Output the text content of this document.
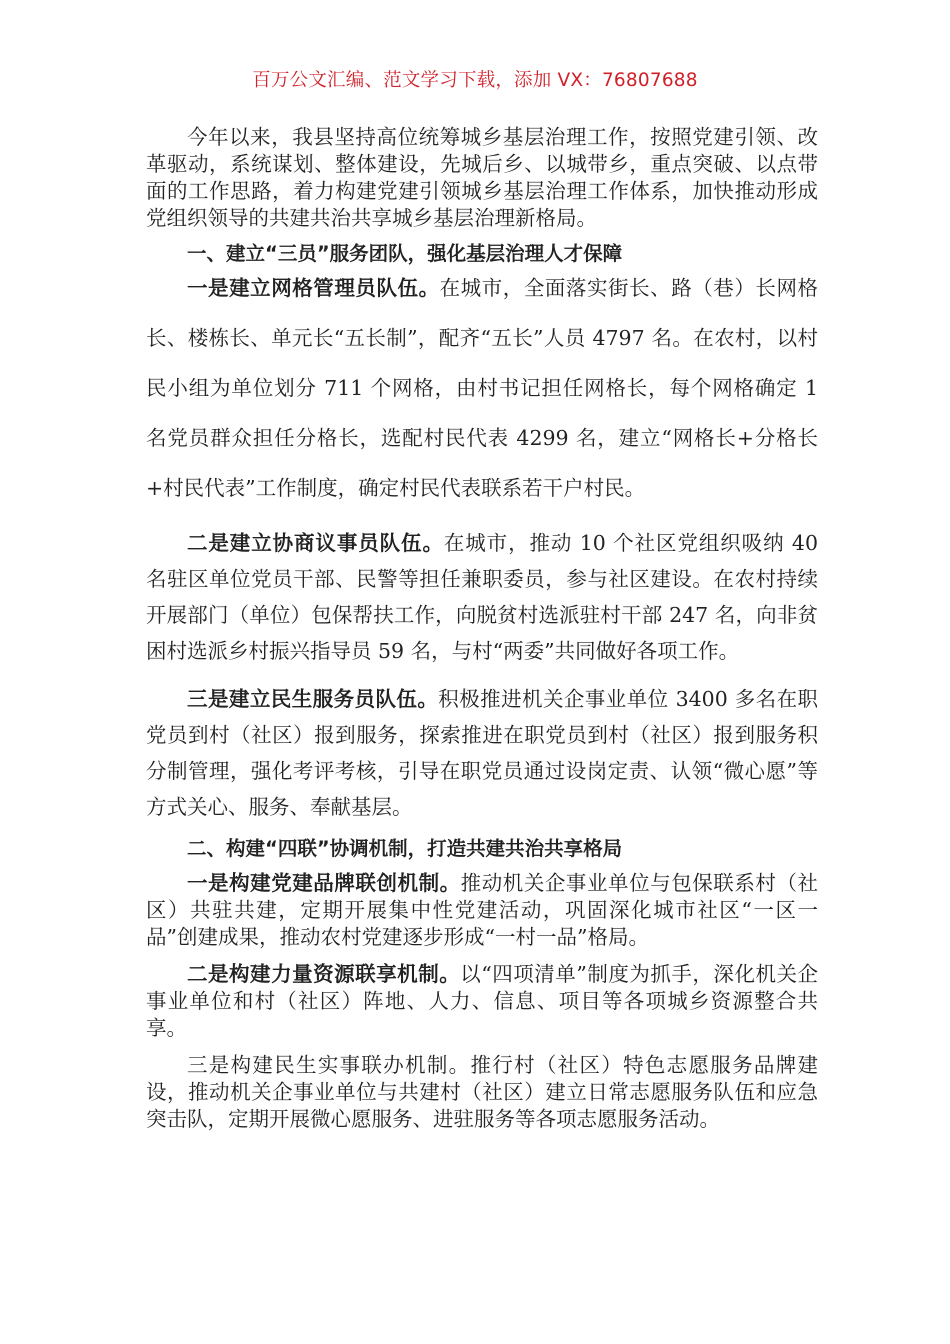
百万公文汇编、范文学习下载，添加 VX：76807688

今年以来，我县坚持高位统筹城乡基层治理工作，按照党建引领、改革驱动，系统谋划、整体建设，先城后乡、以城带乡，重点突破、以点带面的工作思路，着力构建党建引领城乡基层治理工作体系，加快推动形成党组织领导的共建共治共享城乡基层治理新格局。

一、建立“三员”服务团队，强化基层治理人才保障

一是建立网格管理员队伍。在城市，全面落实街长、路（巷）长网格长、楼栋长、单元长“五长制”，配齐“五长”人员 4797 名。在农村，以村民小组为单位划分 711 个网格，由村书记担任网格长，每个网格确定 1 名党员群众担任分格长，选配村民代表 4299 名，建立“网格长+分格长+村民代表”工作制度，确定村民代表联系若干户村民。

二是建立协商议事员队伍。在城市，推动 10 个社区党组织吸纳 40 名驻区单位党员干部、民警等担任兼职委员，参与社区建设。在农村持续开展部门（单位）包保帮扶工作，向脱贫村选派驻村干部 247 名，向非贫困村选派乡村振兴指导员 59 名，与村“两委”共同做好各项工作。

三是建立民生服务员队伍。积极推进机关企事业单位 3400 多名在职党员到村（社区）报到服务，探索推进在职党员到村（社区）报到服务积分制管理，强化考评考核，引导在职党员通过设岗定责、认领“微心愿”等方式关心、服务、奉献基层。

二、构建“四联”协调机制，打造共建共治共享格局

一是构建党建品牌联创机制。推动机关企事业单位与包保联系村（社区）共驻共建，定期开展集中性党建活动，巩固深化城市社区“一区一品”创建成果，推动农村党建逐步形成“一村一品”格局。

二是构建力量资源联享机制。以“四项清单”制度为抓手，深化机关企事业单位和村（社区）阵地、人力、信息、项目等各项城乡资源整合共享。

三是构建民生实事联办机制。推行村（社区）特色志愿服务品牌建设，推动机关企事业单位与共建村（社区）建立日常志愿服务队伍和应急突击队，定期开展微心愿服务、进驻服务等各项志愿服务活动。
